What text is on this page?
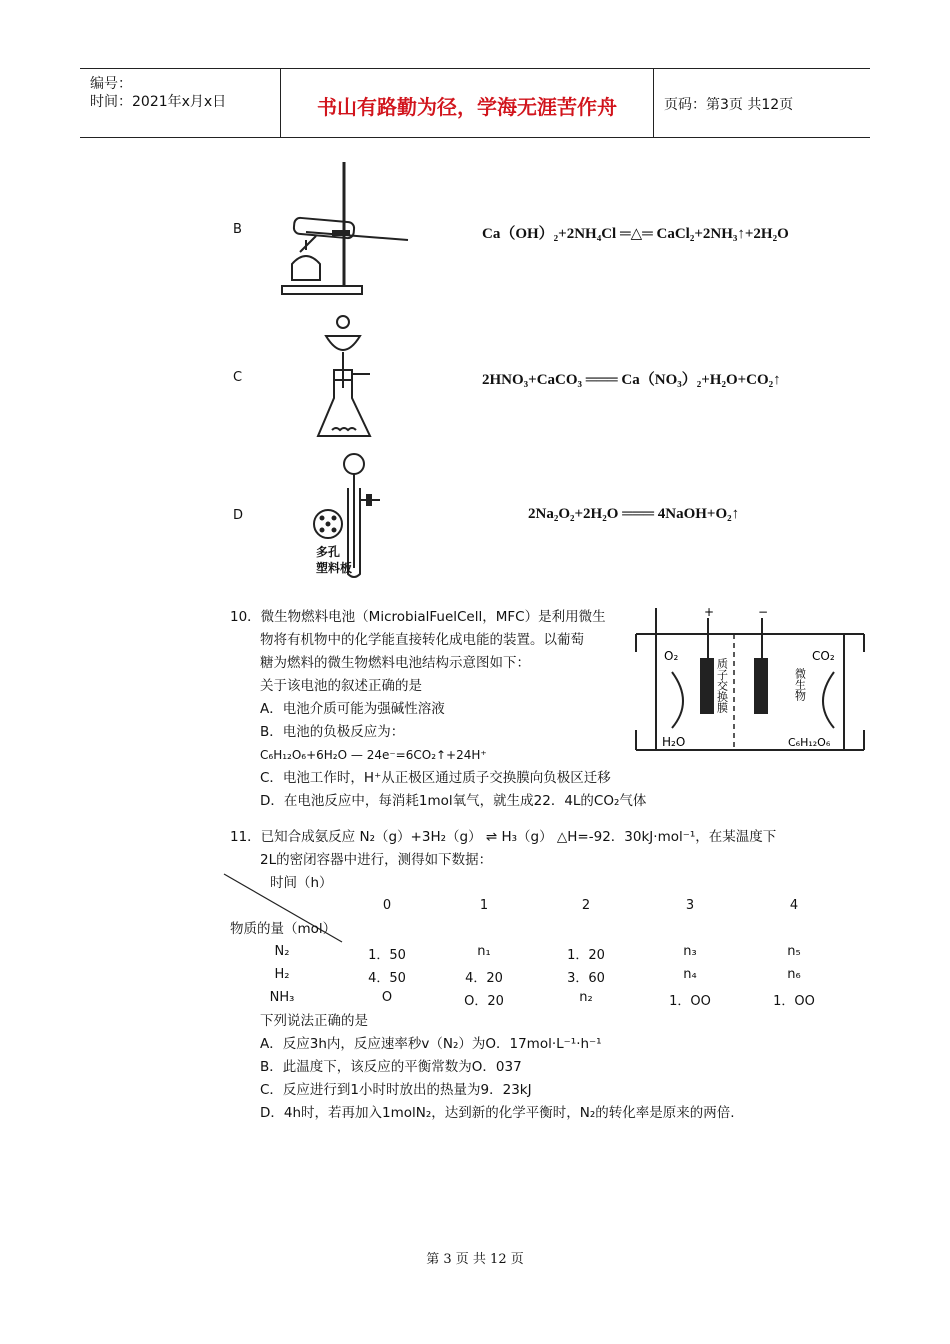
编号：
时间：2021年x月x日	书山有路勤为径，学海无涯苦作舟	页码：第3页 共12页
B	Ca（OH）₂+2NH₄Cl ═△═ CaCl₂+2NH₃↑+2H₂O
C	2HNO₃+CaCO₃ ═══ Ca（NO₃）₂+H₂O+CO₂↑
D
多孔
塑料板
2Na₂O₂+2H₂O ═══ 4NaOH+O₂↑
10．微生物燃料电池（MicrobialFuelCell，MFC）是利用微生
物将有机物中的化学能直接转化成电能的装置。以葡萄
糖为燃料的微生物燃料电池结构示意图如下：
关于该电池的叙述正确的是
A．电池介质可能为强碱性溶液
B．电池的负极反应为：
C₆H₁₂O₆+6H₂O — 24e⁻=6CO₂↑+24H⁺
C．电池工作时，H⁺从正极区通过质子交换膜向负极区迁移
D．在电池反应中，每消耗1mol氧气，就生成22．4L的CO₂气体
+	−
O₂
H₂O
CO₂
C₆H₁₂O₆
质子交换膜	微生物
11．已知合成氨反应 N₂（g）+3H₂（g） ⇌ H₃（g） △H=-92．30kJ·mol⁻¹，在某温度下
2L的密闭容器中进行，测得如下数据：
时间（h）
物质的量（mol）
0	1	2	3	4
N₂	1．50	n₁	1．20	n₃	n₅
H₂	4．50	4．20	3．60	n₄	n₆
NH₃	O	O．20	n₂	1．OO	1．OO
下列说法正确的是
A．反应3h内，反应速率秒v（N₂）为O．17mol·L⁻¹·h⁻¹
B．此温度下，该反应的平衡常数为O．037
C．反应进行到1小时时放出的热量为9．23kJ
D．4h时，若再加入1molN₂，达到新的化学平衡时，N₂的转化率是原来的两倍.
第 3 页 共 12 页
